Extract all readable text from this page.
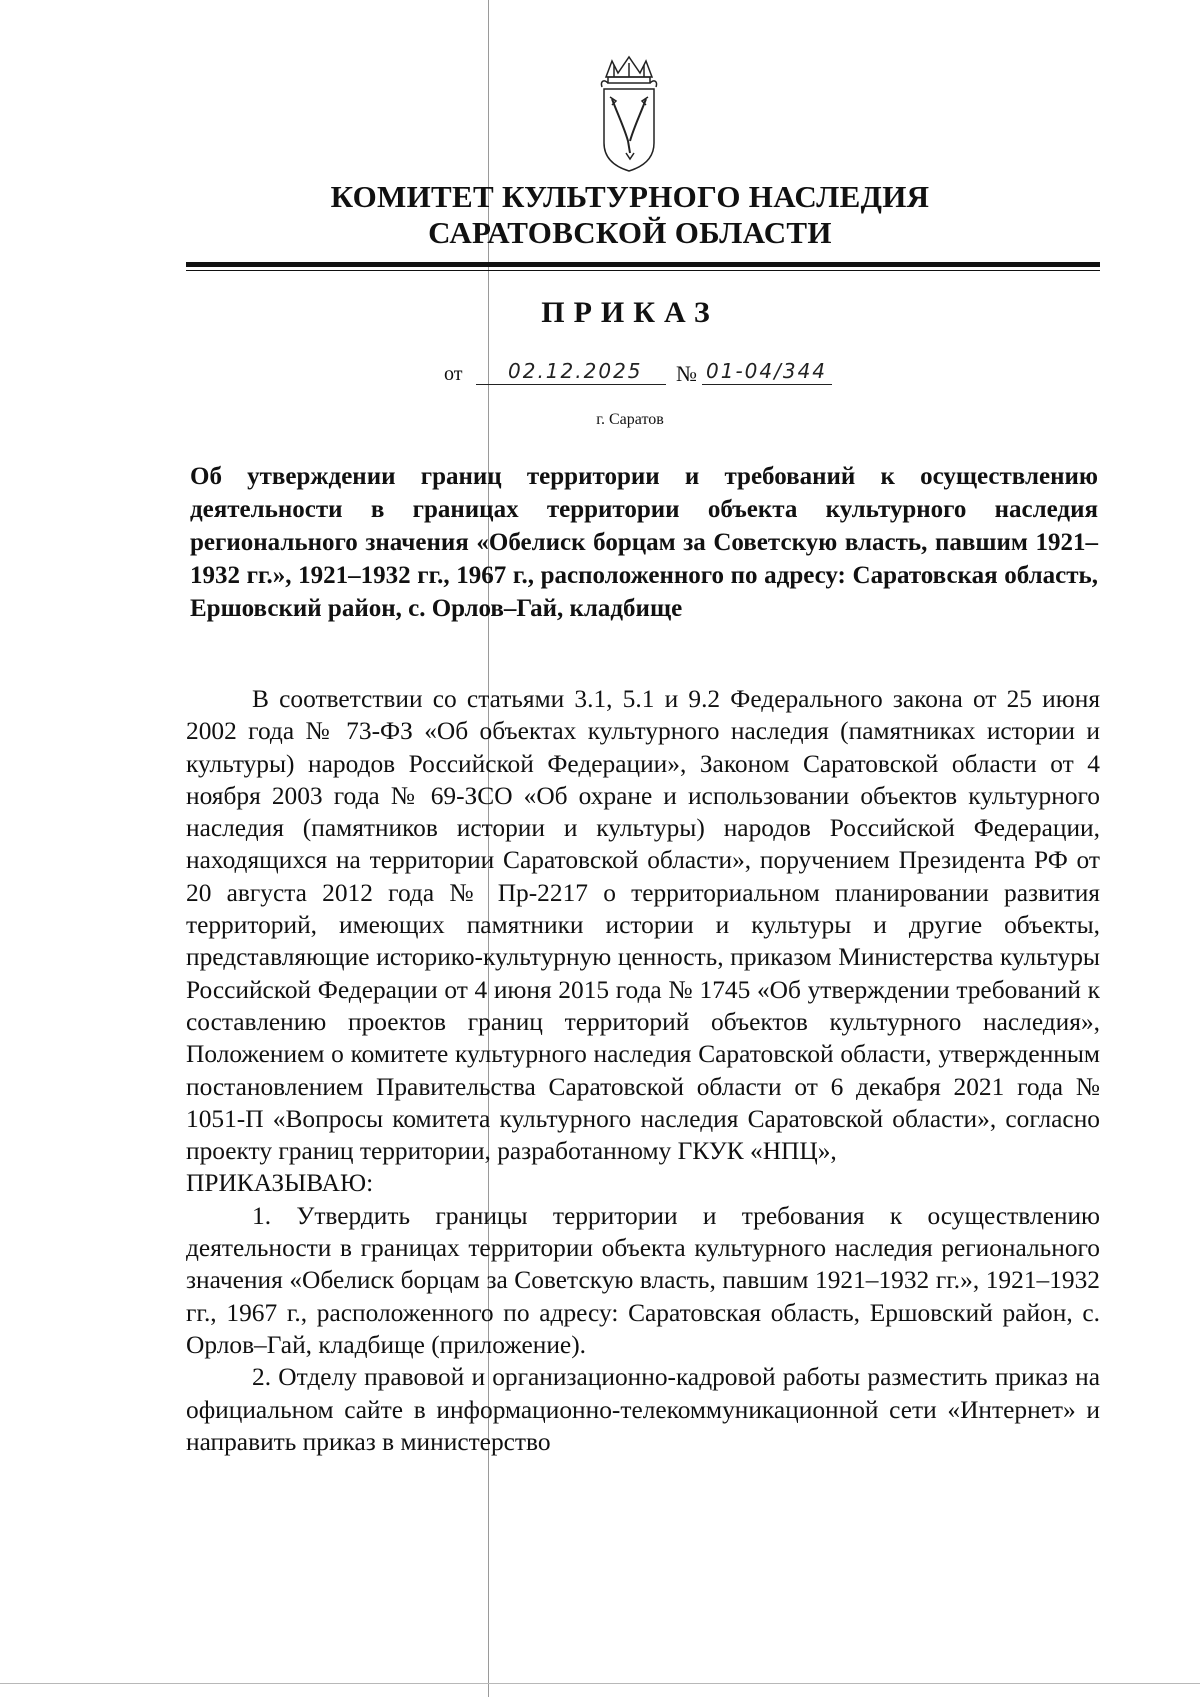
КОМИТЕТ КУЛЬТУРНОГО НАСЛЕДИЯ
САРАТОВСКОЙ ОБЛАСТИ
ПРИКАЗ
от 02.12.2025 № 01-04/344
г. Саратов
Об утверждении границ территории и требований к осуществлению деятельности в границах территории объекта культурного наследия регионального значения «Обелиск борцам за Советскую власть, павшим 1921–1932 гг.», 1921–1932 гг., 1967 г., расположенного по адресу: Саратовская область, Ершовский район, с. Орлов–Гай, кладбище

В соответствии со статьями 3.1, 5.1 и 9.2 Федерального закона от 25 июня 2002 года № 73-ФЗ «Об объектах культурного наследия (памятниках истории и культуры) народов Российской Федерации», Законом Саратовской области от 4 ноября 2003 года № 69-ЗСО «Об охране и использовании объектов культурного наследия (памятников истории и культуры) народов Российской Федерации, находящихся на территории Саратовской области», поручением Президента РФ от 20 августа 2012 года № Пр-2217 о территориальном планировании развития территорий, имеющих памятники истории и культуры и другие объекты, представляющие историко-культурную ценность, приказом Министерства культуры Российской Федерации от 4 июня 2015 года № 1745 «Об утверждении требований к составлению проектов границ территорий объектов культурного наследия», Положением о комитете культурного наследия Саратовской области, утвержденным постановлением Правительства Саратовской области от 6 декабря 2021 года № 1051-П «Вопросы комитета культурного наследия Саратовской области», согласно проекту границ территории, разработанному ГКУК «НПЦ»,

ПРИКАЗЫВАЮ:

1. Утвердить границы территории и требования к осуществлению деятельности в границах территории объекта культурного наследия регионального значения «Обелиск борцам за Советскую власть, павшим 1921–1932 гг.», 1921–1932 гг., 1967 г., расположенного по адресу: Саратовская область, Ершовский район, с. Орлов–Гай, кладбище (приложение).

2. Отделу правовой и организационно-кадровой работы разместить приказ на официальном сайте в информационно-телекоммуникационной сети «Интернет» и направить приказ в министерство
